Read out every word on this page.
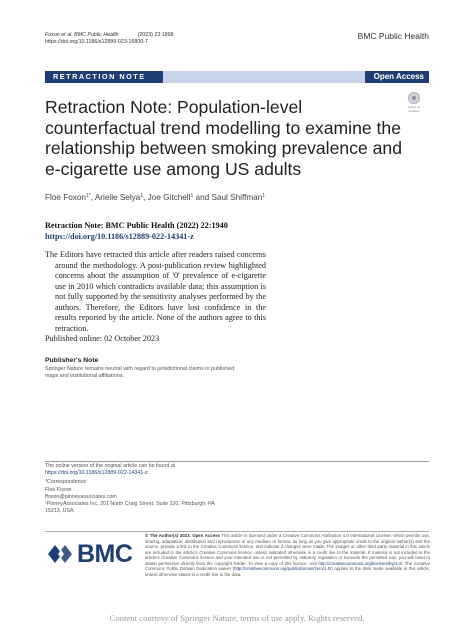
Foxon et al. BMC Public Health	(2023) 23:1898
https://doi.org/10.1186/s12889-023-16800-7
BMC Public Health
RETRACTION NOTE	Open Access
Check for updates
Retraction Note: Population-level counterfactual trend modelling to examine the relationship between smoking prevalence and e-cigarette use among US adults
Floe Foxon$^{1*}$, Arielle Selya$^1$, Joe Gitchell$^1$ and Saul Shiffman$^1$
Retraction Note: BMC Public Health (2022) 22:1940
https://doi.org/10.1186/s12889-022-14341-z

The Editors have retracted this article after readers raised concerns around the methodology. A post-publication review highlighted concerns about the assumption of '0' prevalence of e-cigarette use in 2010 which contradicts available data; this assumption is not fully supported by the sensitivity analyses performed by the authors. Therefore, the Editors have lost confidence in the results reported by the article. None of the authors agree to this retraction.

Published online: 02 October 2023

Publisher's Note
Springer Nature remains neutral with regard to jurisdictional claims in published maps and institutional affiliations.
The online version of the original article can be found at https://doi.org/10.1186/s12889-022-14341-z.
*Correspondence:
Floe Foxon
ffoxon@pinneyassociates.com
¹PinneyAssociates Inc, 201 North Craig Street, Suite 320, Pittsburgh, PA 15213, USA
BMC
© The Author(s) 2023. Open Access This article is licensed under a Creative Commons Attribution 4.0 International License, which permits use, sharing, adaptation, distribution and reproduction in any medium or format, as long as you give appropriate credit to the original author(s) and the source, provide a link to the Creative Commons licence, and indicate if changes were made. The images or other third party material in this article are included in the article's Creative Commons licence, unless indicated otherwise in a credit line to the material. If material is not included in the article's Creative Commons licence and your intended use is not permitted by statutory regulation or exceeds the permitted use, you will need to obtain permission directly from the copyright holder. To view a copy of this licence, visit http://creativecommons.org/licenses/by/4.0/. The Creative Commons Public Domain Dedication waiver (http://creativecommons.org/publicdomain/zero/1.0/) applies to the data made available in this article, unless otherwise stated in a credit line to the data.
Content courtesy of Springer Nature, terms of use apply. Rights reserved.
